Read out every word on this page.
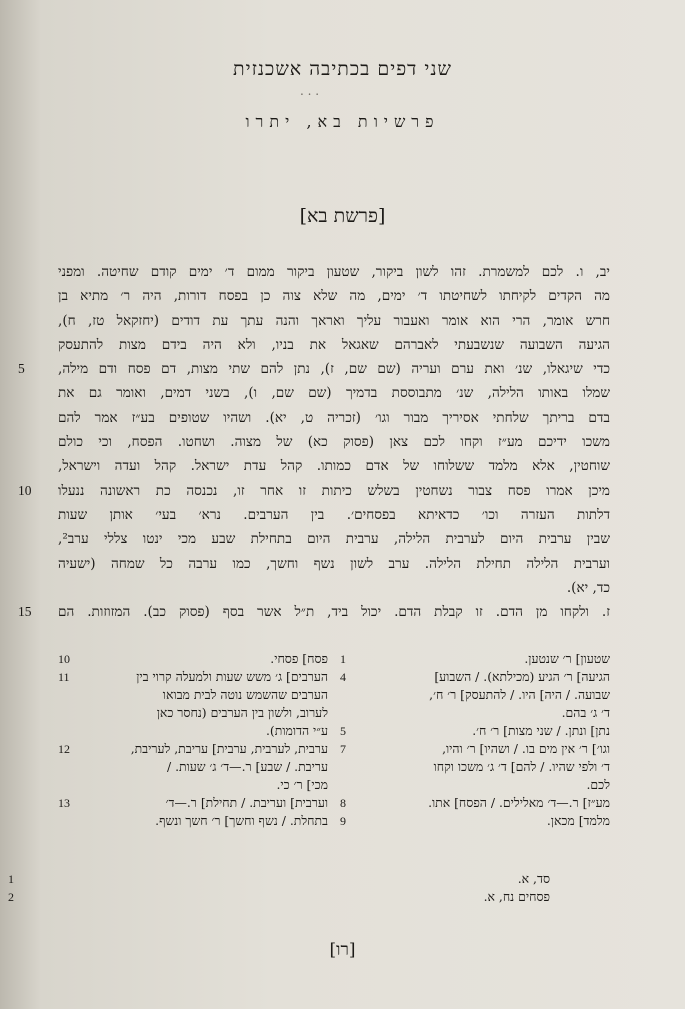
שני דפים בכתיבה אשכנזית
. . .
פרשיות בא, יתרו
[פרשת בא]
יב, ו. לכם למשמרת. זהו לשון ביקור, שטעון ביקור ממום ד׳ ימים קודם שחיטה. ומפני
מה הקדים לקיחתו לשחיטתו ד׳ ימים, מה שלא צוה כן בפסח דורות, היה ר׳ מתיא בן
חרש אומר, הרי הוא אומר ואעבור עליך ואראך והנה עתך עת דודים (יחזקאל טז, ח),
הגיעה השבועה שנשבעתי לאברהם שאגאל את בניו, ולא היה בידם מצות להתעסק
כדי שיגאלו, שנ׳ ואת ערם ועריה (שם שם, ז), נתן להם שתי מצות, דם פסח ודם מילה,
5
שמלו באותו הלילה, שנ׳ מתבוססת בדמיך (שם שם, ו), בשני דמים, ואומר גם את
בדם בריתך שלחתי אסיריך מבור וגו׳ (זכריה ט, יא). ושהיו שטופים בע״ז אמר להם
משכו ידיכם מע״ז וקחו לכם צאן (פסוק כא) של מצוה. ושחטו. הפסח, וכי כולם
שוחטין, אלא מלמד ששלוחו של אדם כמותו. קהל עדת ישראל. קהל ועדה וישראל,
מיכן אמרו פסח צבור נשחטין בשלש כיתות זו אחר זו, נכנסה כת ראשונה ננעלו
10
דלתות העזרה וכו׳ כדאיתא בפסחים׳. בין הערבים. נרא׳ בעי׳ אותן שעות
שבין ערבית היום לערבית הלילה, ערבית היום בתחילת שבע מכי ינטו צללי ערב²,
וערבית הלילה תחילת הלילה. ערב לשון נשף וחשך, כמו ערבה כל שמחה (ישעיה
כד, יא).
ז. ולקחו מן הדם. זו קבלת הדם. יכול ביד, ת״ל אשר בסף (פסוק כב). המזוזות. הם
15
שטעון] ר׳ שנטען.
1
הגיעה] ר׳ הגיע (מכילתא). / השבוע]
4
שבועה. / היה] היו. / להתעסק] ר׳ ח׳,
ד׳ ג׳ בהם.
נתן] ונתן. / שני מצות] ר׳ ח׳.
5
וגו׳] ר׳ אין מים בו. / ושהיו] ר׳ והיו,
7
ד׳ ולפי שהיו. / להם] ד׳ ג׳ משכו וקחו
לכם.
מע״ז] ר.—ד׳ מאלילים. / הפסח] אתו.
8
מלמד] מכאן.
9
פסח] פסחי.
10
הערבים] ג׳ משש שעות ולמעלה קרוי בין
11
הערבים שהשמש נוטה לבית מבואו
לערוב, ולשון בין הערבים (נחסר כאן
ע״י הדומות).
ערבית, לערבית, ערבית] עריבת, לעריבת,
12
עריבת. / שבע] ר.—ד׳ ג׳ שעות. /
מכי] ר׳ כי.
וערבית] ועריבת. / תחילת] ר.—ד׳
13
בתחלת. / נשף וחשך] ר׳ חשך ונשף.
סד, א.
1
פסחים נח, א.
2
[רו]
